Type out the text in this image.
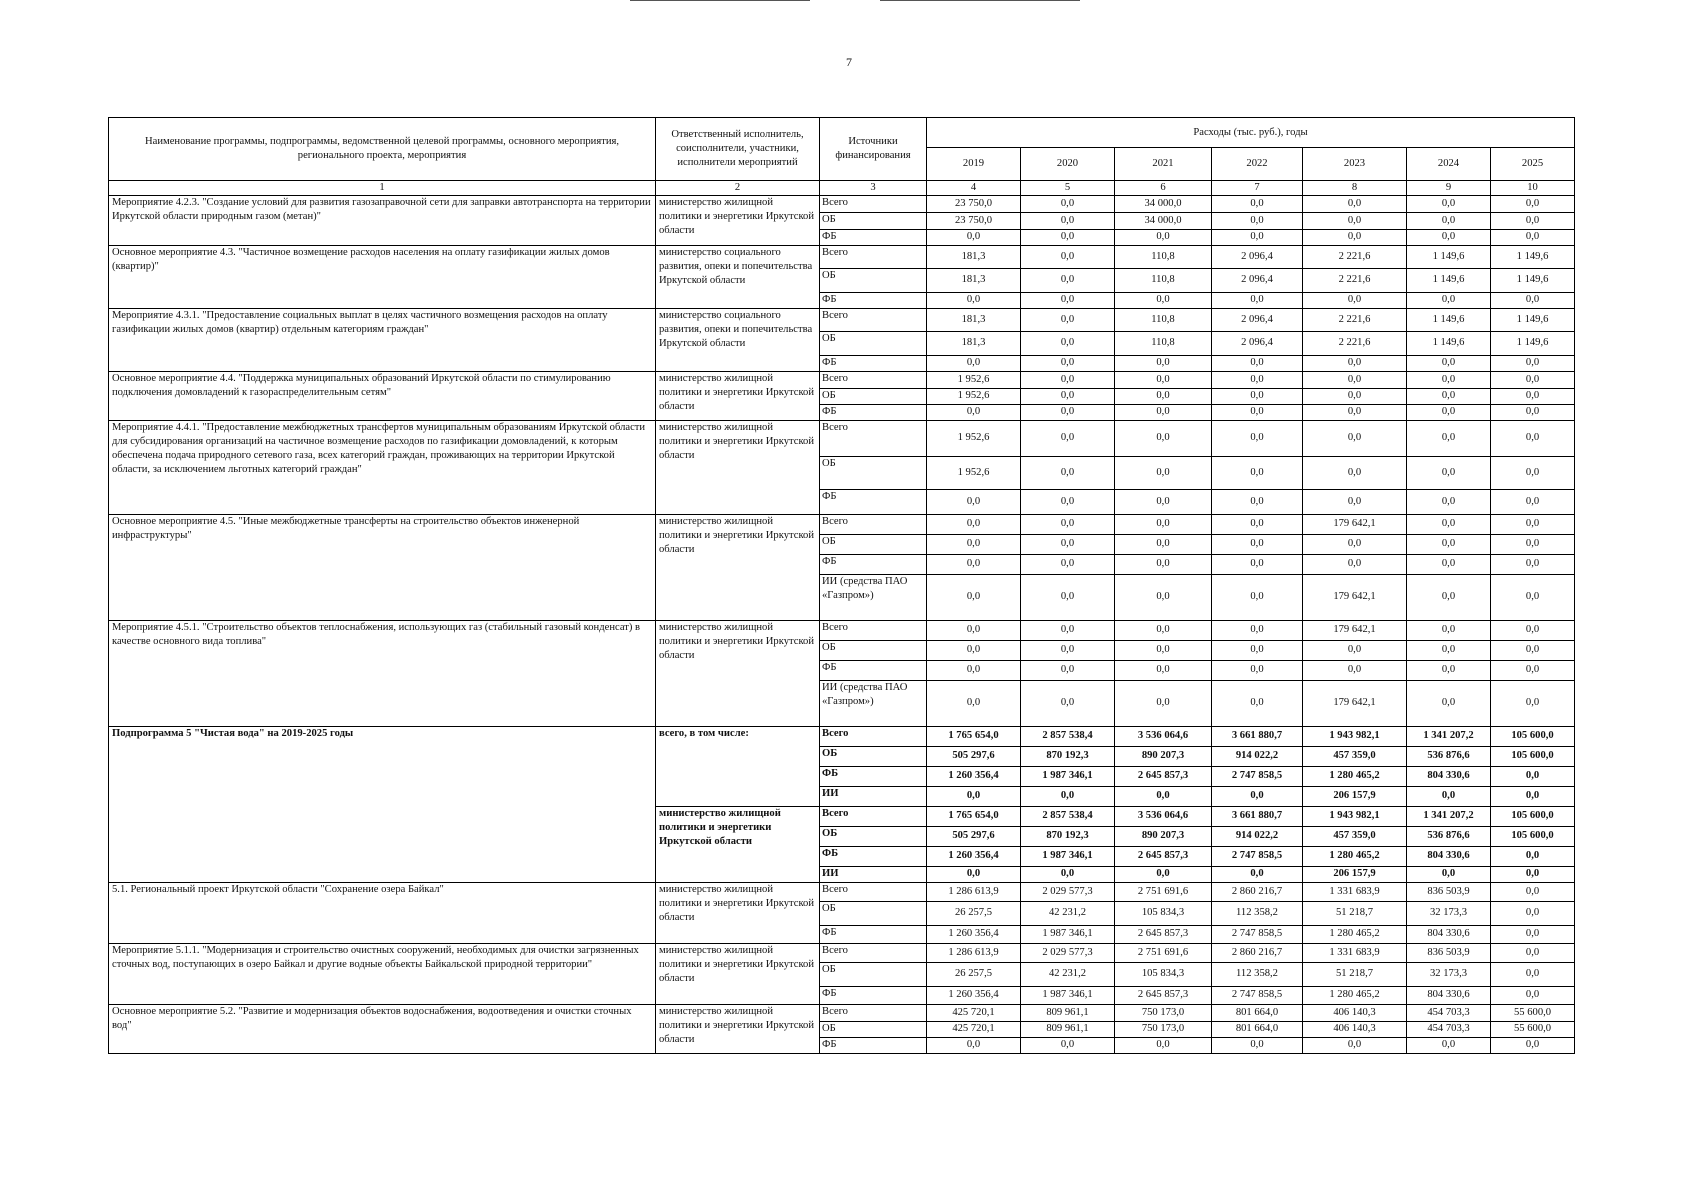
7
Наименование программы, подпрограммы, ведомственной целевой программы, основного мероприятия, регионального проекта, мероприятия	Ответственный исполнитель, соисполнители, участники, исполнители мероприятий	Источники финансирования	Расходы (тыс. руб.), годы						
			2019	2020	2021	2022	2023	2024	2025
1	2	3	4	5	6	7	8	9	10
Мероприятие 4.2.3. "Создание условий для развития газозаправочной сети для заправки автотранспорта на территории Иркутской области природным газом (метан)"	министерство жилищной политики и энергетики Иркутской области	Всего	23 750,0	0,0	34 000,0	0,0	0,0	0,0	0,0
		ОБ	23 750,0	0,0	34 000,0	0,0	0,0	0,0	0,0
		ФБ	0,0	0,0	0,0	0,0	0,0	0,0	0,0
Основное мероприятие 4.3. "Частичное возмещение расходов населения на оплату газификации жилых домов (квартир)"	министерство социального развития, опеки и попечительства Иркутской области	Всего	181,3	0,0	110,8	2 096,4	2 221,6	1 149,6	1 149,6
		ОБ	181,3	0,0	110,8	2 096,4	2 221,6	1 149,6	1 149,6
		ФБ	0,0	0,0	0,0	0,0	0,0	0,0	0,0
Мероприятие 4.3.1. "Предоставление социальных выплат в целях частичного возмещения расходов на оплату газификации жилых домов (квартир) отдельным категориям граждан"	министерство социального развития, опеки и попечительства Иркутской области	Всего	181,3	0,0	110,8	2 096,4	2 221,6	1 149,6	1 149,6
		ОБ	181,3	0,0	110,8	2 096,4	2 221,6	1 149,6	1 149,6
		ФБ	0,0	0,0	0,0	0,0	0,0	0,0	0,0
Основное мероприятие 4.4. "Поддержка муниципальных образований Иркутской области по стимулированию подключения домовладений к газораспределительным сетям"	министерство жилищной политики и энергетики Иркутской области	Всего	1 952,6	0,0	0,0	0,0	0,0	0,0	0,0
		ОБ	1 952,6	0,0	0,0	0,0	0,0	0,0	0,0
		ФБ	0,0	0,0	0,0	0,0	0,0	0,0	0,0
Мероприятие 4.4.1. "Предоставление межбюджетных трансфертов муниципальным образованиям Иркутской области для субсидирования организаций на частичное возмещение расходов по газификации домовладений, к которым обеспечена подача природного сетевого газа, всех категорий граждан, проживающих на территории Иркутской области, за исключением льготных категорий граждан"	министерство жилищной политики и энергетики Иркутской области	Всего	1 952,6	0,0	0,0	0,0	0,0	0,0	0,0
		ОБ	1 952,6	0,0	0,0	0,0	0,0	0,0	0,0
		ФБ	0,0	0,0	0,0	0,0	0,0	0,0	0,0
Основное мероприятие 4.5. "Иные межбюджетные трансферты на строительство объектов инженерной инфраструктуры"	министерство жилищной политики и энергетики Иркутской области	Всего	0,0	0,0	0,0	0,0	179 642,1	0,0	0,0
		ОБ	0,0	0,0	0,0	0,0	0,0	0,0	0,0
		ФБ	0,0	0,0	0,0	0,0	0,0	0,0	0,0
		ИИ (средства ПАО «Газпром»)	0,0	0,0	0,0	0,0	179 642,1	0,0	0,0
Мероприятие 4.5.1. "Строительство объектов теплоснабжения, использующих газ (стабильный газовый конденсат) в качестве основного вида топлива"	министерство жилищной политики и энергетики Иркутской области	Всего	0,0	0,0	0,0	0,0	179 642,1	0,0	0,0
		ОБ	0,0	0,0	0,0	0,0	0,0	0,0	0,0
		ФБ	0,0	0,0	0,0	0,0	0,0	0,0	0,0
		ИИ (средства ПАО «Газпром»)	0,0	0,0	0,0	0,0	179 642,1	0,0	0,0
Подпрограмма 5 "Чистая вода" на 2019-2025 годы	всего, в том числе:	Всего	1 765 654,0	2 857 538,4	3 536 064,6	3 661 880,7	1 943 982,1	1 341 207,2	105 600,0
		ОБ	505 297,6	870 192,3	890 207,3	914 022,2	457 359,0	536 876,6	105 600,0
		ФБ	1 260 356,4	1 987 346,1	2 645 857,3	2 747 858,5	1 280 465,2	804 330,6	0,0
		ИИ	0,0	0,0	0,0	0,0	206 157,9	0,0	0,0
	министерство жилищной политики и энергетики Иркутской области	Всего	1 765 654,0	2 857 538,4	3 536 064,6	3 661 880,7	1 943 982,1	1 341 207,2	105 600,0
		ОБ	505 297,6	870 192,3	890 207,3	914 022,2	457 359,0	536 876,6	105 600,0
		ФБ	1 260 356,4	1 987 346,1	2 645 857,3	2 747 858,5	1 280 465,2	804 330,6	0,0
		ИИ	0,0	0,0	0,0	0,0	206 157,9	0,0	0,0
5.1. Региональный проект Иркутской области "Сохранение озера Байкал"	министерство жилищной политики и энергетики Иркутской области	Всего	1 286 613,9	2 029 577,3	2 751 691,6	2 860 216,7	1 331 683,9	836 503,9	0,0
		ОБ	26 257,5	42 231,2	105 834,3	112 358,2	51 218,7	32 173,3	0,0
		ФБ	1 260 356,4	1 987 346,1	2 645 857,3	2 747 858,5	1 280 465,2	804 330,6	0,0
Мероприятие 5.1.1. "Модернизация и строительство очистных сооружений, необходимых для очистки загрязненных сточных вод, поступающих в озеро Байкал и другие водные объекты Байкальской природной территории"	министерство жилищной политики и энергетики Иркутской области	Всего	1 286 613,9	2 029 577,3	2 751 691,6	2 860 216,7	1 331 683,9	836 503,9	0,0
		ОБ	26 257,5	42 231,2	105 834,3	112 358,2	51 218,7	32 173,3	0,0
		ФБ	1 260 356,4	1 987 346,1	2 645 857,3	2 747 858,5	1 280 465,2	804 330,6	0,0
Основное мероприятие 5.2. "Развитие и модернизация объектов водоснабжения, водоотведения и очистки сточных вод"	министерство жилищной политики и энергетики Иркутской области	Всего	425 720,1	809 961,1	750 173,0	801 664,0	406 140,3	454 703,3	55 600,0
		ОБ	425 720,1	809 961,1	750 173,0	801 664,0	406 140,3	454 703,3	55 600,0
		ФБ	0,0	0,0	0,0	0,0	0,0	0,0	0,0
